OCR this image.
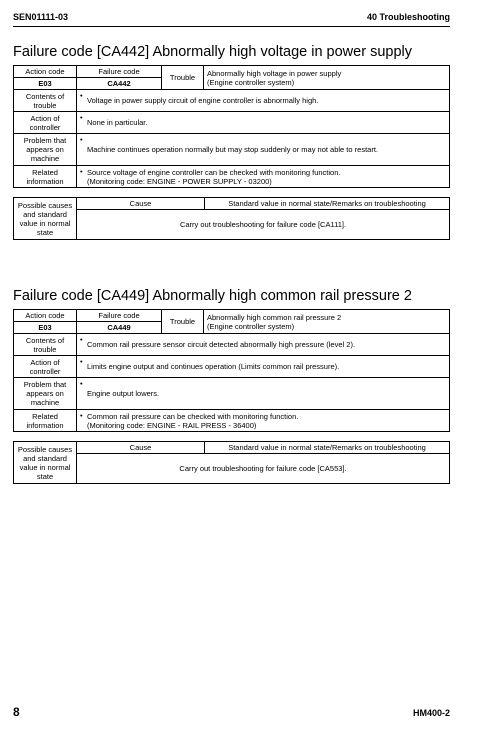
SEN01111-03	40 Troubleshooting
Failure code [CA442] Abnormally high voltage in power supply
Action code	Failure code	Trouble	Abnormally high voltage in power supply
(Engine controller system)

E03	CA442		
Contents of trouble	•
Voltage in power supply circuit of engine controller is abnormally high.		

Action of controller	•
None in particular.		

Problem that appears on machine	•
Machine continues operation normally but may stop suddenly or may not able to restart.		

Related information	• Source voltage of engine controller can be checked with monitoring function.
(Monitoring code: ENGINE - POWER SUPPLY - 03200)		
Possible causes and standard value in normal state	Cause	Standard value in normal state/Remarks on troubleshooting
Carry out troubleshooting for failure code [CA111].
Failure code [CA449] Abnormally high common rail pressure 2
Action code	Failure code	Trouble	Abnormally high common rail pressure 2
(Engine controller system)

E03	CA449		
Contents of trouble	•
Common rail pressure sensor circuit detected abnormally high pressure (level 2).		

Action of controller	•
Limits engine output and continues operation (Limits common rail pressure).		

Problem that appears on machine	•
Engine output lowers.		

Related information	• Common rail pressure can be checked with monitoring function.
(Monitoring code: ENGINE - RAIL PRESS - 36400)		
Possible causes and standard value in normal state	Cause	Standard value in normal state/Remarks on troubleshooting
Carry out troubleshooting for failure code [CA553].
8	HM400-2
